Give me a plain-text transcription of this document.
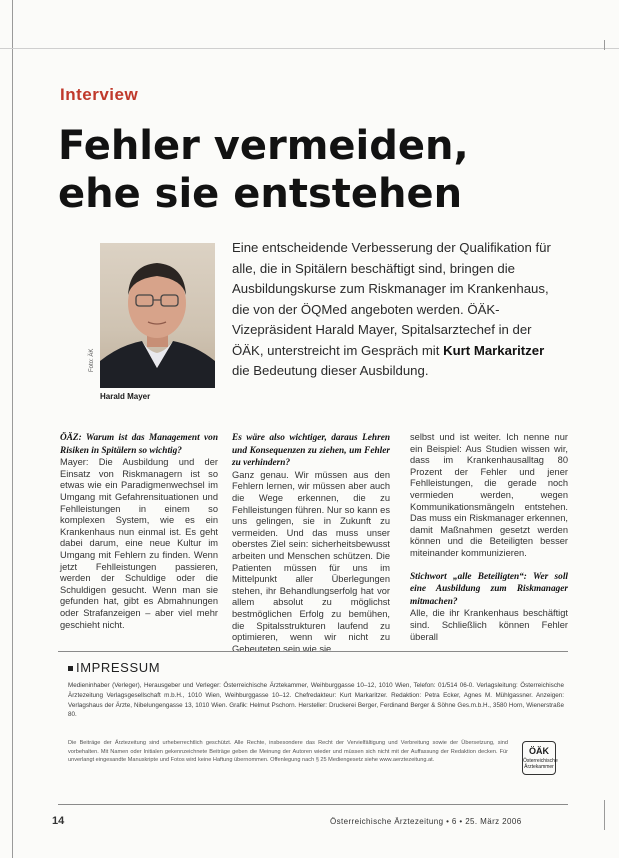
Interview
Fehler vermeiden,
ehe sie entstehen
Foto: ÄK
Harald Mayer

Eine entscheidende Verbesserung der Qualifikation für alle, die in Spitälern beschäftigt sind, bringen die Ausbildungskurse zum Riskmanager im Krankenhaus, die von der ÖQMed angeboten werden. ÖÄK-Vizepräsident Harald Mayer, Spitalsarztechef in der ÖÄK, unterstreicht im Gespräch mit Kurt Markaritzer die Bedeutung dieser Ausbildung.

ÖÄZ: Warum ist das Management von Risiken in Spitälern so wichtig?
Mayer: Die Ausbildung und der Einsatz von Riskmanagern ist so etwas wie ein Paradigmenwechsel im Umgang mit Gefahrensituationen und Fehlleistungen in einem so komplexen System, wie es ein Krankenhaus nun einmal ist. Es geht dabei darum, eine neue Kultur im Umgang mit Fehlern zu finden. Wenn jetzt Fehlleistungen passieren, werden der Schuldige oder die Schuldigen gesucht. Wenn man sie gefunden hat, gibt es Abmahnungen oder Strafanzeigen – aber viel mehr geschieht nicht.

Es wäre also wichtiger, daraus Lehren und Konsequenzen zu ziehen, um Fehler zu verhindern?
Ganz genau. Wir müssen aus den Fehlern lernen, wir müssen aber auch die Wege erkennen, die zu Fehlleistungen führen. Nur so kann es uns gelingen, sie in Zukunft zu vermeiden. Und das muss unser oberstes Ziel sein: sicherheitsbewusst arbeiten und Menschen schützen. Die Patienten müssen für uns im Mittelpunkt aller Überlegungen stehen, ihr Behandlungserfolg hat vor allem absolut zu möglichst bestmöglichen Erfolg zu bemühen, die Spitalsstrukturen laufend zu optimieren, wenn wir nicht zu Gebeuteten sein wie sie

selbst und ist weiter. Ich nenne nur ein Beispiel: Aus Studien wissen wir, dass im Krankenhausalltag 80 Prozent der Fehler und jener Fehlleistungen, die gerade noch vermieden werden, wegen Kommunikationsmängeln entstehen. Das muss ein Riskmanager erkennen, damit Maßnahmen gesetzt werden können und die Beteiligten besser miteinander kommunizieren.

Stichwort „alle Beteiligten“: Wer soll eine Ausbildung zum Riskmanager mitmachen?
Alle, die ihr Krankenhaus beschäftigt sind. Schließlich können Fehler überall

IMPRESSUM

Medieninhaber (Verleger), Herausgeber und Verleger: Österreichische Ärztekammer, Weihburggasse 10–12, 1010 Wien, Telefon: 01/514 06-0. Verlagsleitung: Österreichische Ärztezeitung Verlagsgesellschaft m.b.H., 1010 Wien, Weihburggasse 10–12. Chefredakteur: Kurt Markaritzer. Redaktion: Petra Ecker, Agnes M. Mühlgassner. Anzeigen: Verlagshaus der Ärzte, Nibelungengasse 13, 1010 Wien. Grafik: Helmut Pschorn. Hersteller: Druckerei Berger, Ferdinand Berger & Söhne Ges.m.b.H., 3580 Horn, Wienerstraße 80.

Die Beiträge der Ärztezeitung sind urheberrechtlich geschützt. Alle Rechte, insbesondere das Recht der Vervielfältigung und Verbreitung sowie der Übersetzung, sind vorbehalten. Mit Namen oder Initialen gekennzeichnete Beiträge geben die Meinung der Autoren wieder und müssen sich nicht mit der Auffassung der Redaktion decken. Für unverlangt eingesandte Manuskripte und Fotos wird keine Haftung übernommen. Offenlegung nach § 25 Mediengesetz siehe www.aerztezeitung.at.

ÖÄK
Österreichische Ärztekammer
14	Österreichische Ärztezeitung • 6 • 25. März 2006
